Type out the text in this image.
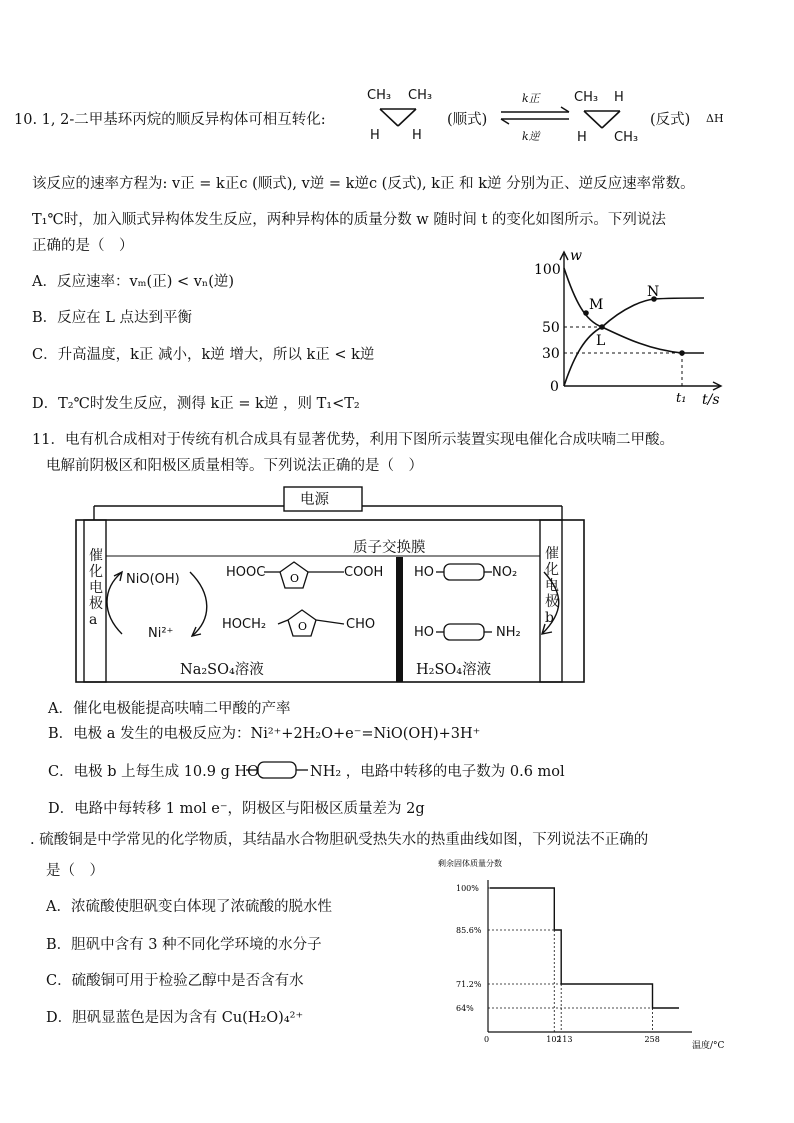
10. 1, 2-二甲基环丙烷的顺反异构体可相互转化:
CH₃ CH₃
H H
(顺式)
k正
k逆
CH₃ H
H CH₃
(反式) ΔH
该反应的速率方程为: v正 = k正c (顺式), v逆 = k逆c (反式), k正 和 k逆 分别为正、逆反应速率常数。
T₁℃时，加入顺式异构体发生反应，两种异构体的质量分数 w 随时间 t 的变化如图所示。下列说法
正确的是（　）
A．反应速率：vₘ(正) < vₙ(逆)
B．反应在 L 点达到平衡
C．升高温度，k正 减小，k逆 增大，所以 k正 < k逆
D．T₂℃时发生反应，测得 k正 = k逆 ，则 T₁<T₂
w
100
50
30
0
M
N
L
t₁ t/s
11．电有机合成相对于传统有机合成具有显著优势，利用下图所示装置实现电催化合成呋喃二甲酸。
电解前阴极区和阳极区质量相等。下列说法正确的是（　）
O
O
电源
质子交换膜
催化电极a
催化电极b
NiO(OH)
Ni²⁺
HOOC	COOH
HOCH₂	CHO
HO	NO₂
HO	NH₂
Na₂SO₄溶液	H₂SO₄溶液
A．催化电极能提高呋喃二甲酸的产率
B．电极 a 发生的电极反应为：Ni²⁺+2H₂O+e⁻=NiO(OH)+3H⁺
C．电极 b 上每生成 10.9 g HO	NH₂ ，电路中转移的电子数为 0.6 mol
D．电路中每转移 1 mol e⁻，阴极区与阳极区质量差为 2g
. 硫酸铜是中学常见的化学物质，其结晶水合物胆矾受热失水的热重曲线如图，下列说法不正确的
是（　）
A．浓硫酸使胆矾变白体现了浓硫酸的脱水性
B．胆矾中含有 3 种不同化学环境的水分子
C．硫酸铜可用于检验乙醇中是否含有水
D．胆矾显蓝色是因为含有 Cu(H₂O)₄²⁺
剩余固体质量分数
100%
85.6%
71.2%
64%
0	102
113	258
温度/°C
